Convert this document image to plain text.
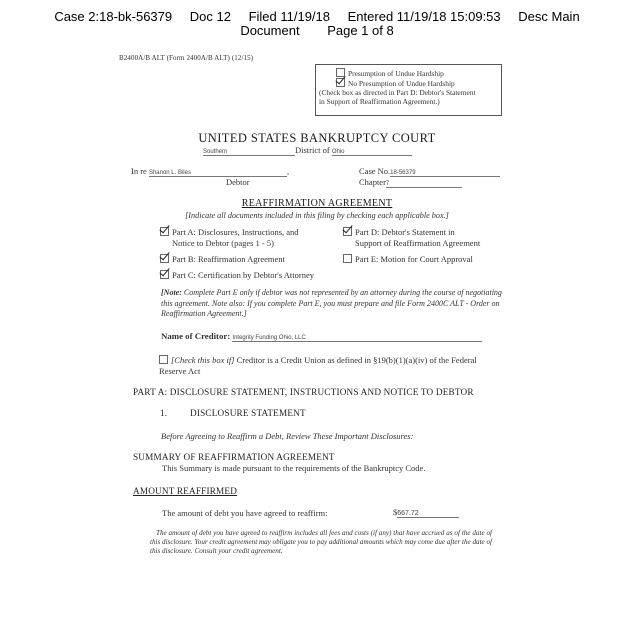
Case 2:18-bk-56379 Doc 12 Filed 11/19/18 Entered 11/19/18 15:09:53 Desc Main
Document Page 1 of 8
B2400A/B ALT (Form 2400A/B ALT) (12/15)
Presumption of Undue Hardship
No Presumption of Undue Hardship
(Check box as directed in Part D: Debtor's Statement
in Support of Reaffirmation Agreement.)
UNITED STATES BANKRUPTCY COURT
Southern	District of Ohio
In re Shanon L. Biles	,
Debtor
Case No.18-56379
Chapter7
REAFFIRMATION AGREEMENT
[Indicate all documents included in this filing by checking each applicable box.]
Part A: Disclosures, Instructions, and
Notice to Debtor (pages 1 - 5)
Part D: Debtor's Statement in
Support of Reaffirmation Agreement
Part B: Reaffirmation Agreement	Part E: Motion for Court Approval
Part C: Certification by Debtor's Attorney
[Note: Complete Part E only if debtor was not represented by an attorney during the course of negotiating this agreement. Note also: If you complete Part E, you must prepare and file Form 2400C ALT - Order on Reaffirmation Agreement.]
Name of Creditor: Integrity Funding Ohio, LLC
[Check this box if] Creditor is a Credit Union as defined in §19(b)(1)(a)(iv) of the Federal Reserve Act
PART A: DISCLOSURE STATEMENT, INSTRUCTIONS AND NOTICE TO DEBTOR
1. DISCLOSURE STATEMENT
Before Agreeing to Reaffirm a Debt, Review These Important Disclosures:
SUMMARY OF REAFFIRMATION AGREEMENT
This Summary is made pursuant to the requirements of the Bankruptcy Code.
AMOUNT REAFFIRMED
The amount of debt you have agreed to reaffirm:	$667.72
The amount of debt you have agreed to reaffirm includes all fees and costs (if any) that have accrued as of the date of this disclosure. Your credit agreement may obligate you to pay additional amounts which may come due after the date of this disclosure. Consult your credit agreement.
